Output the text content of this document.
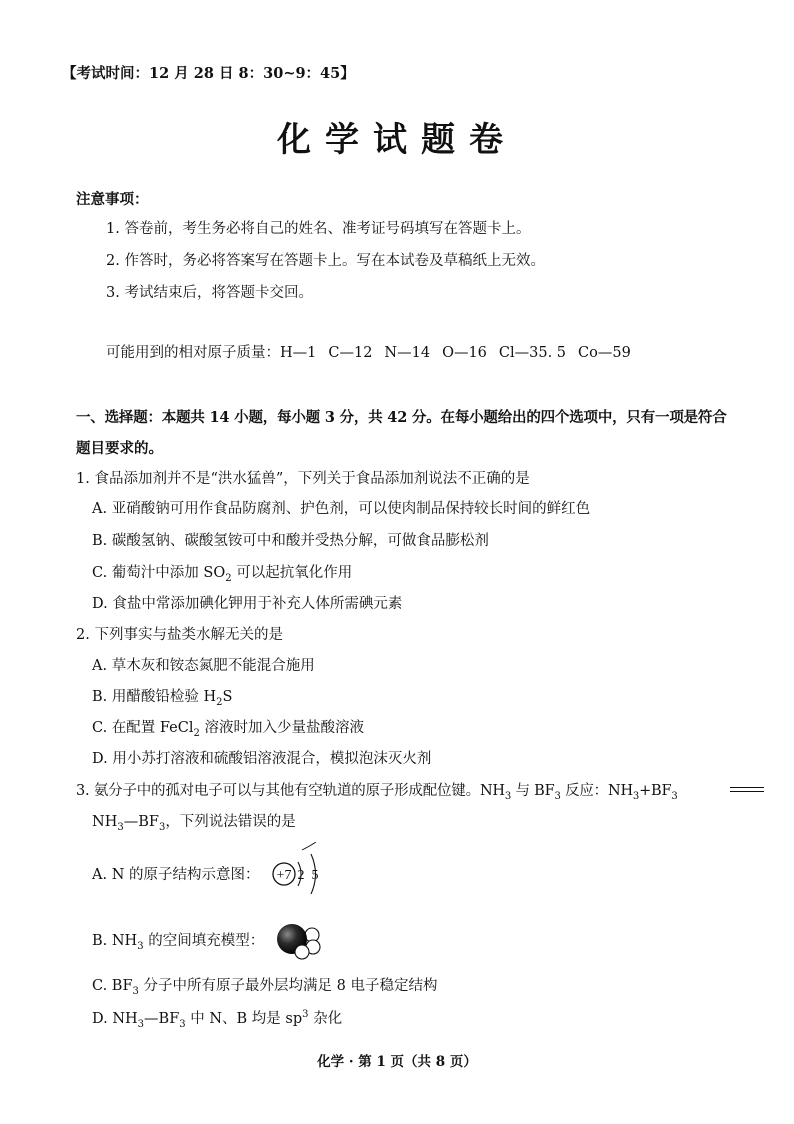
【考试时间：12 月 28 日 8：30~9：45】
化学试题卷
注意事项：
1. 答卷前，考生务必将自己的姓名、准考证号码填写在答题卡上。
2. 作答时，务必将答案写在答题卡上。写在本试卷及草稿纸上无效。
3. 考试结束后，将答题卡交回。
可能用到的相对原子质量：H—1 C—12 N—14 O—16 Cl—35. 5 Co—59
一、选择题：本题共 14 小题，每小题 3 分，共 42 分。在每小题给出的四个选项中，只有一项是符合
题目要求的。
1. 食品添加剂并不是“洪水猛兽”，下列关于食品添加剂说法不正确的是
A. 亚硝酸钠可用作食品防腐剂、护色剂，可以使肉制品保持较长时间的鲜红色
B. 碳酸氢钠、碳酸氢铵可中和酸并受热分解，可做食品膨松剂
C. 葡萄汁中添加 $SO_2$ 可以起抗氧化作用
D. 食盐中常添加碘化钾用于补充人体所需碘元素
2. 下列事实与盐类水解无关的是
A. 草木灰和铵态氮肥不能混合施用
B. 用醋酸铅检验 $H_2S$
C. 在配置 FeCl$_2$ 溶液时加入少量盐酸溶液
D. 用小苏打溶液和硫酸铝溶液混合，模拟泡沫灭火剂
3. 氨分子中的孤对电子可以与其他有空轨道的原子形成配位键。$NH_3$ 与 $BF_3$ 反应：$NH_3+BF_3$
$NH_3—BF_3$，下列说法错误的是
A. N 的原子结构示意图： +7 2 5
B. $NH_3$ 的空间填充模型：
C. $BF_3$ 分子中所有原子最外层均满足 8 电子稳定结构
D. $NH_3—BF_3$ 中 N、B 均是 $sp^3$ 杂化
化学 · 第 1 页（共 8 页）
